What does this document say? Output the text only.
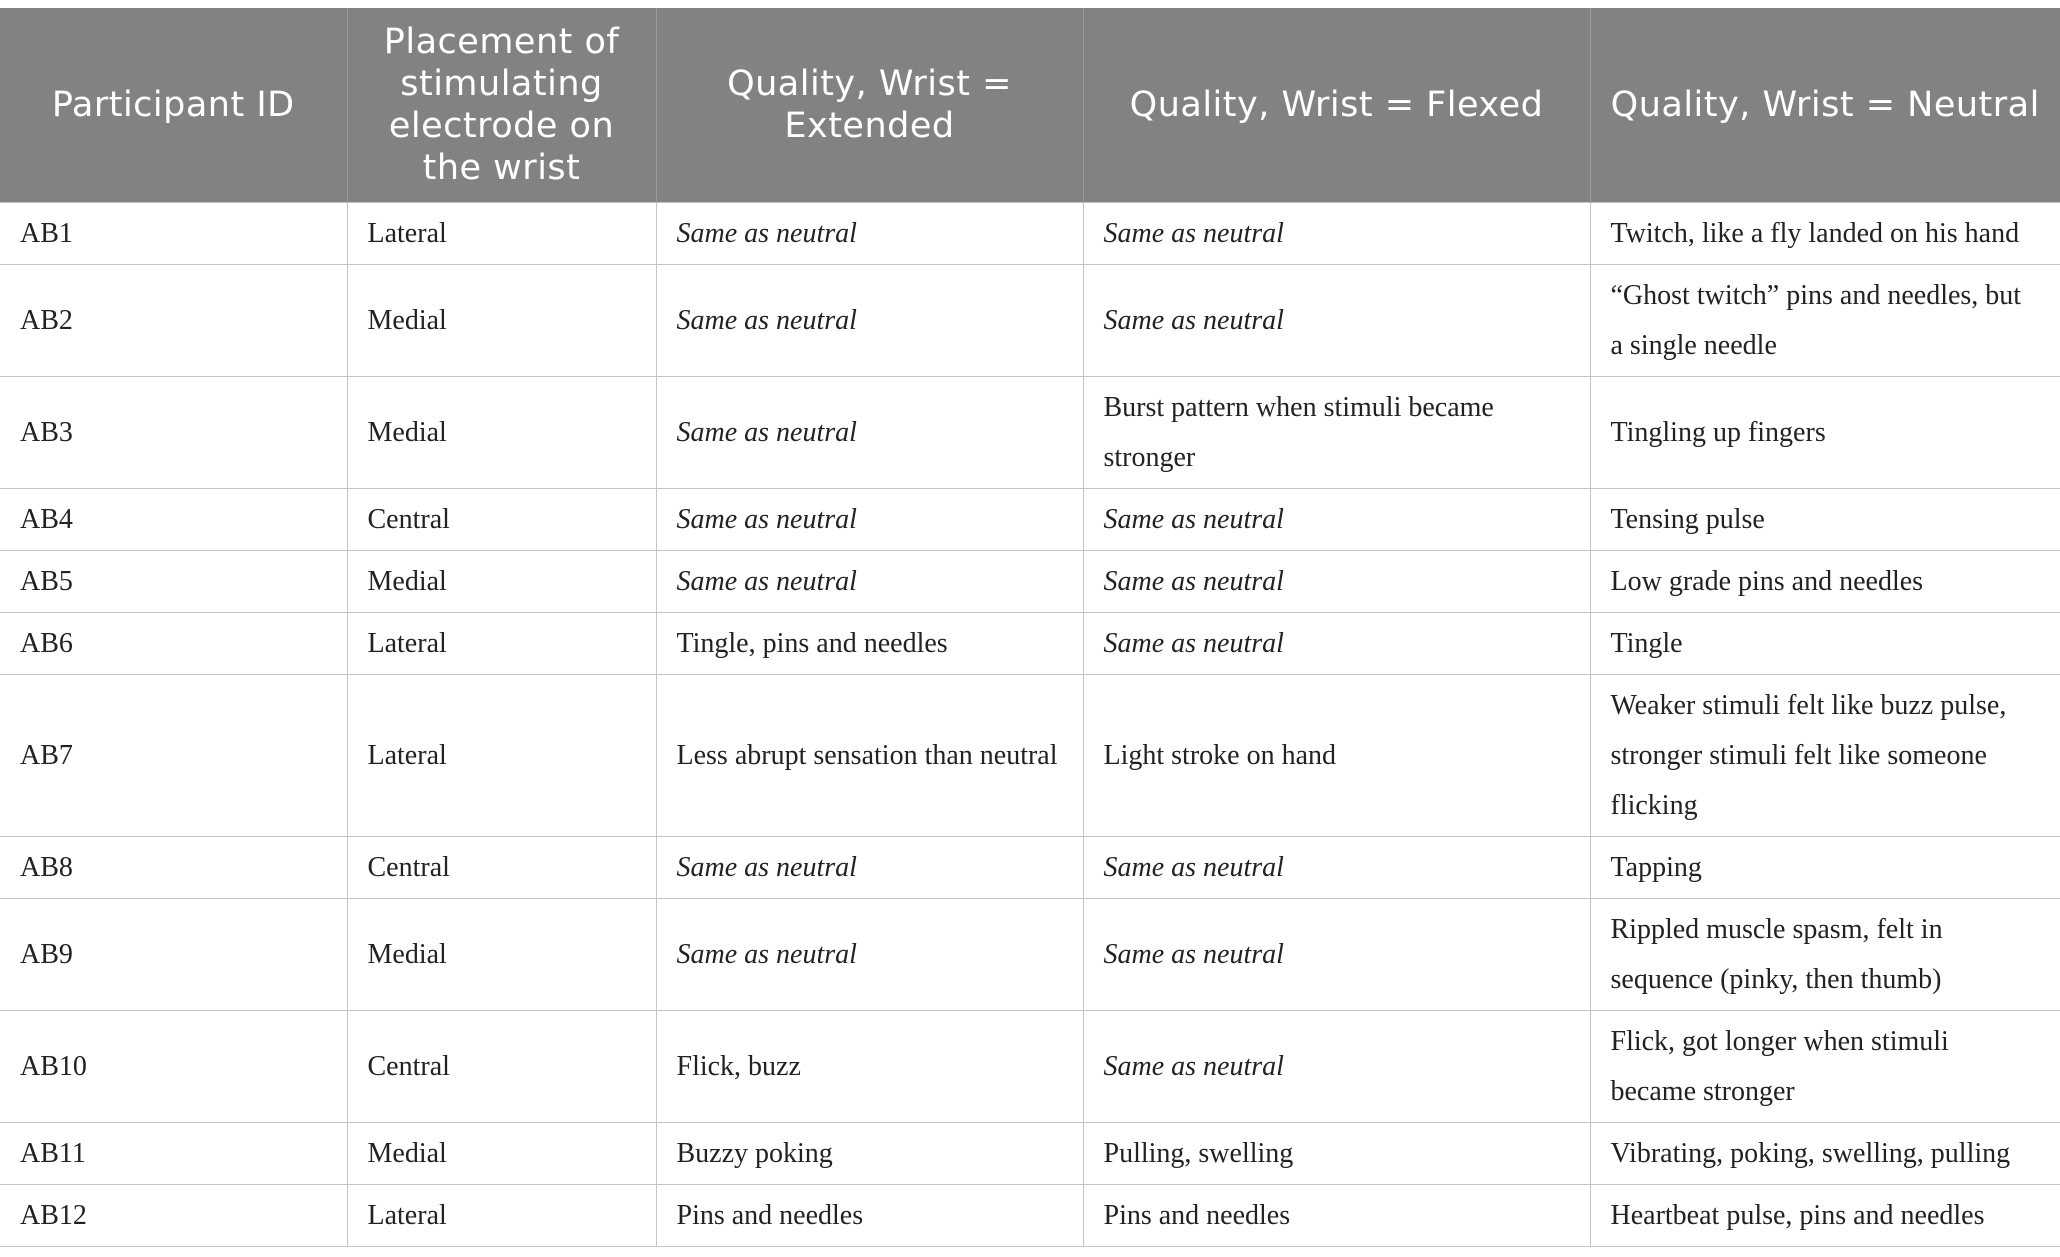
Participant ID	Placement of stimulating electrode on the wrist	Quality, Wrist = Extended	Quality, Wrist = Flexed	Quality, Wrist = Neutral
AB1	Lateral	Same as neutral	Same as neutral	Twitch, like a fly landed on his hand
AB2	Medial	Same as neutral	Same as neutral	“Ghost twitch” pins and needles, but a single needle
AB3	Medial	Same as neutral	Burst pattern when stimuli became stronger	Tingling up fingers
AB4	Central	Same as neutral	Same as neutral	Tensing pulse
AB5	Medial	Same as neutral	Same as neutral	Low grade pins and needles
AB6	Lateral	Tingle, pins and needles	Same as neutral	Tingle
AB7	Lateral	Less abrupt sensation than neutral	Light stroke on hand	Weaker stimuli felt like buzz pulse, stronger stimuli felt like someone flicking
AB8	Central	Same as neutral	Same as neutral	Tapping
AB9	Medial	Same as neutral	Same as neutral	Rippled muscle spasm, felt in sequence (pinky, then thumb)
AB10	Central	Flick, buzz	Same as neutral	Flick, got longer when stimuli became stronger
AB11	Medial	Buzzy poking	Pulling, swelling	Vibrating, poking, swelling, pulling
AB12	Lateral	Pins and needles	Pins and needles	Heartbeat pulse, pins and needles
